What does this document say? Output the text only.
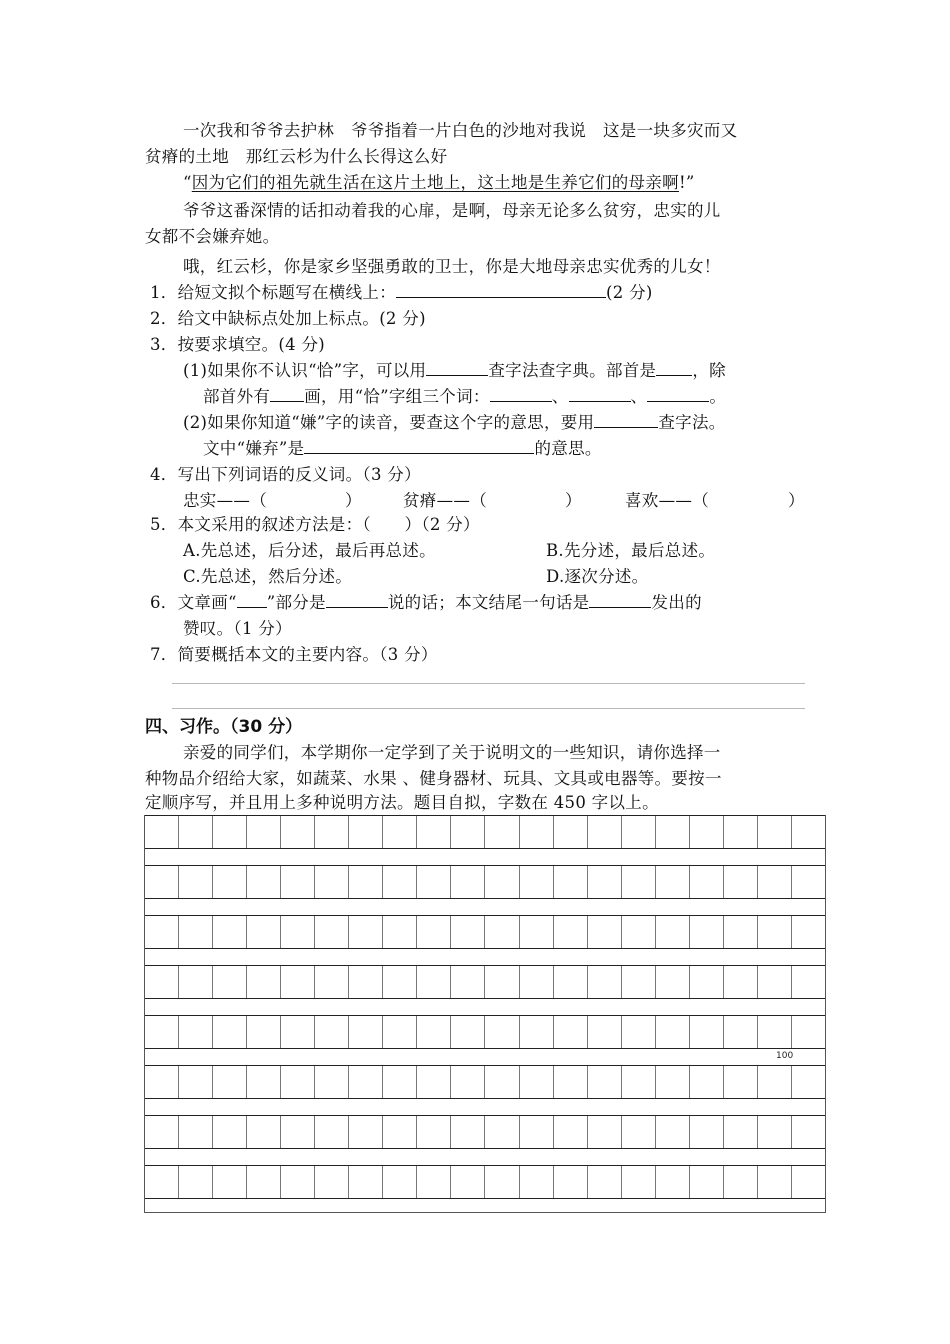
一次我和爷爷去护林　爷爷指着一片白色的沙地对我说　这是一块多灾而又
贫瘠的土地　那红云杉为什么长得这么好
“因为它们的祖先就生活在这片土地上，这土地是生养它们的母亲啊!”
爷爷这番深情的话扣动着我的心扉，是啊，母亲无论多么贫穷，忠实的儿
女都不会嫌弃她。
哦，红云杉，你是家乡坚强勇敢的卫士，你是大地母亲忠实优秀的儿女！
1．给短文拟个标题写在横线上：	(2 分)
2．给文中缺标点处加上标点。(2 分)
3．按要求填空。(4 分)
(1)如果你不认识“恰”字，可以用	查字法查字典。部首是 ，除
部首外有 画，用“恰”字组三个词：	、	、	。
(2)如果你知道“嫌”字的读音，要查这个字的意思，要用	查字法。
文中“嫌弃”是	的意思。
4．写出下列词语的反义词。（3 分）
忠实——（	） 贫瘠——（	）	喜欢——（	）
5．本文采用的叙述方法是：（　　）（2 分）
A.先总述，后分述，最后再总述。	B.先分述，最后总述。
C.先总述，然后分述。	D.逐次分述。
6．文章画“ ”部分是	说的话；本文结尾一句话是	发出的
赞叹。（1 分）
7．简要概括本文的主要内容。（3 分）
四、习作。（30 分）
亲爱的同学们，本学期你一定学到了关于说明文的一些知识，请你选择一
种物品介绍给大家，如蔬菜、水果 、健身器材、玩具、文具或电器等。要按一
定顺序写，并且用上多种说明方法。题目自拟，字数在 450 字以上。
100
